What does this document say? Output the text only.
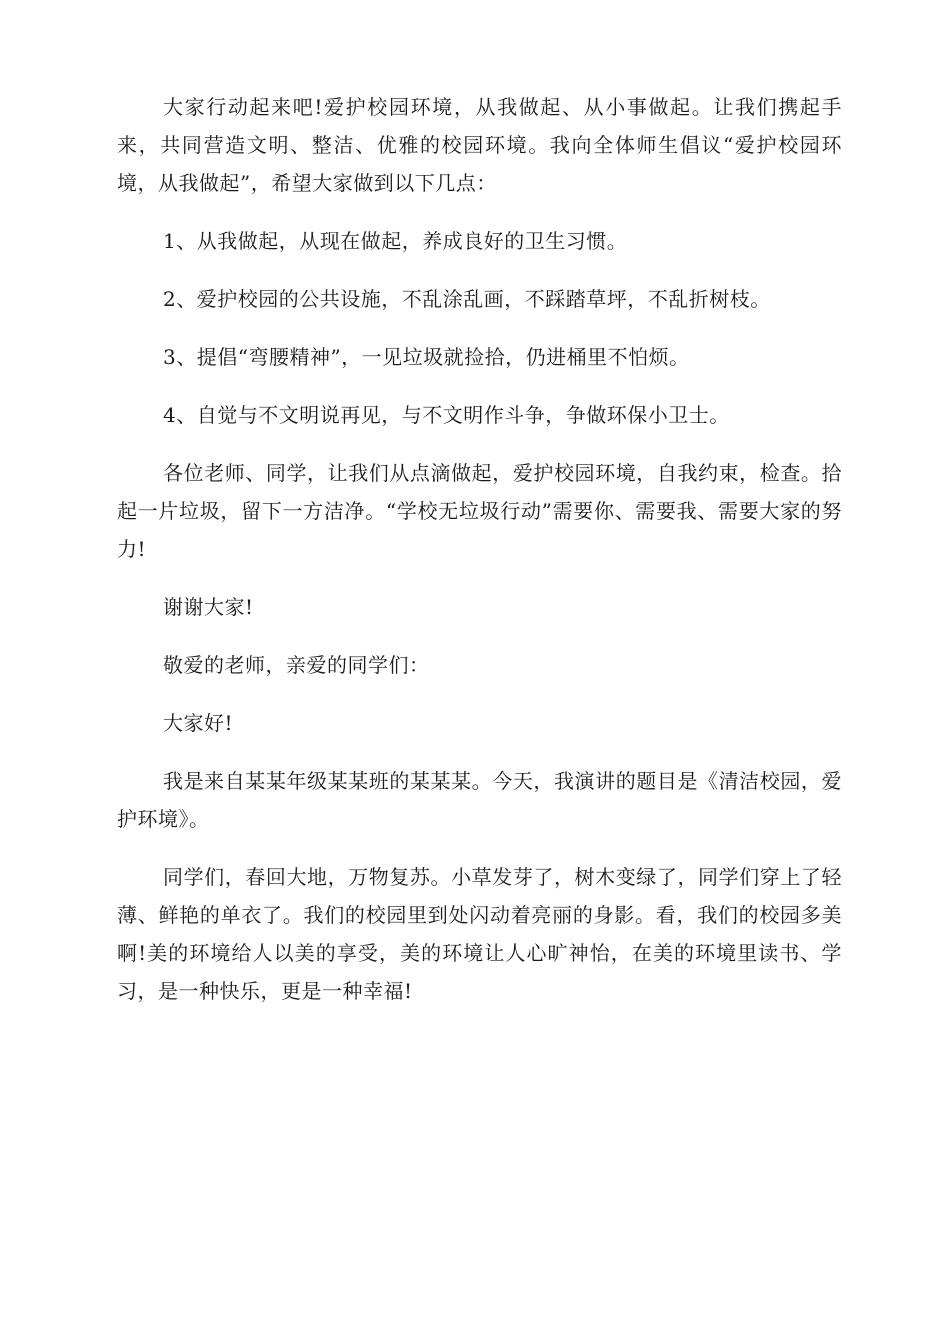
大家行动起来吧!爱护校园环境，从我做起、从小事做起。让我们携起手来，共同营造文明、整洁、优雅的校园环境。我向全体师生倡议“爱护校园环境，从我做起”，希望大家做到以下几点：

1、从我做起，从现在做起，养成良好的卫生习惯。

2、爱护校园的公共设施，不乱涂乱画，不踩踏草坪，不乱折树枝。

3、提倡“弯腰精神”，一见垃圾就捡拾，仍进桶里不怕烦。

4、自觉与不文明说再见，与不文明作斗争，争做环保小卫士。

各位老师、同学，让我们从点滴做起，爱护校园环境，自我约束，检查。拾起一片垃圾，留下一方洁净。“学校无垃圾行动”需要你、需要我、需要大家的努力!

谢谢大家!

敬爱的老师，亲爱的同学们：

大家好!

我是来自某某年级某某班的某某某。今天，我演讲的题目是《清洁校园，爱护环境》。

同学们，春回大地，万物复苏。小草发芽了，树木变绿了，同学们穿上了轻薄、鲜艳的单衣了。我们的校园里到处闪动着亮丽的身影。看，我们的校园多美啊!美的环境给人以美的享受，美的环境让人心旷神怡，在美的环境里读书、学习，是一种快乐，更是一种幸福!
